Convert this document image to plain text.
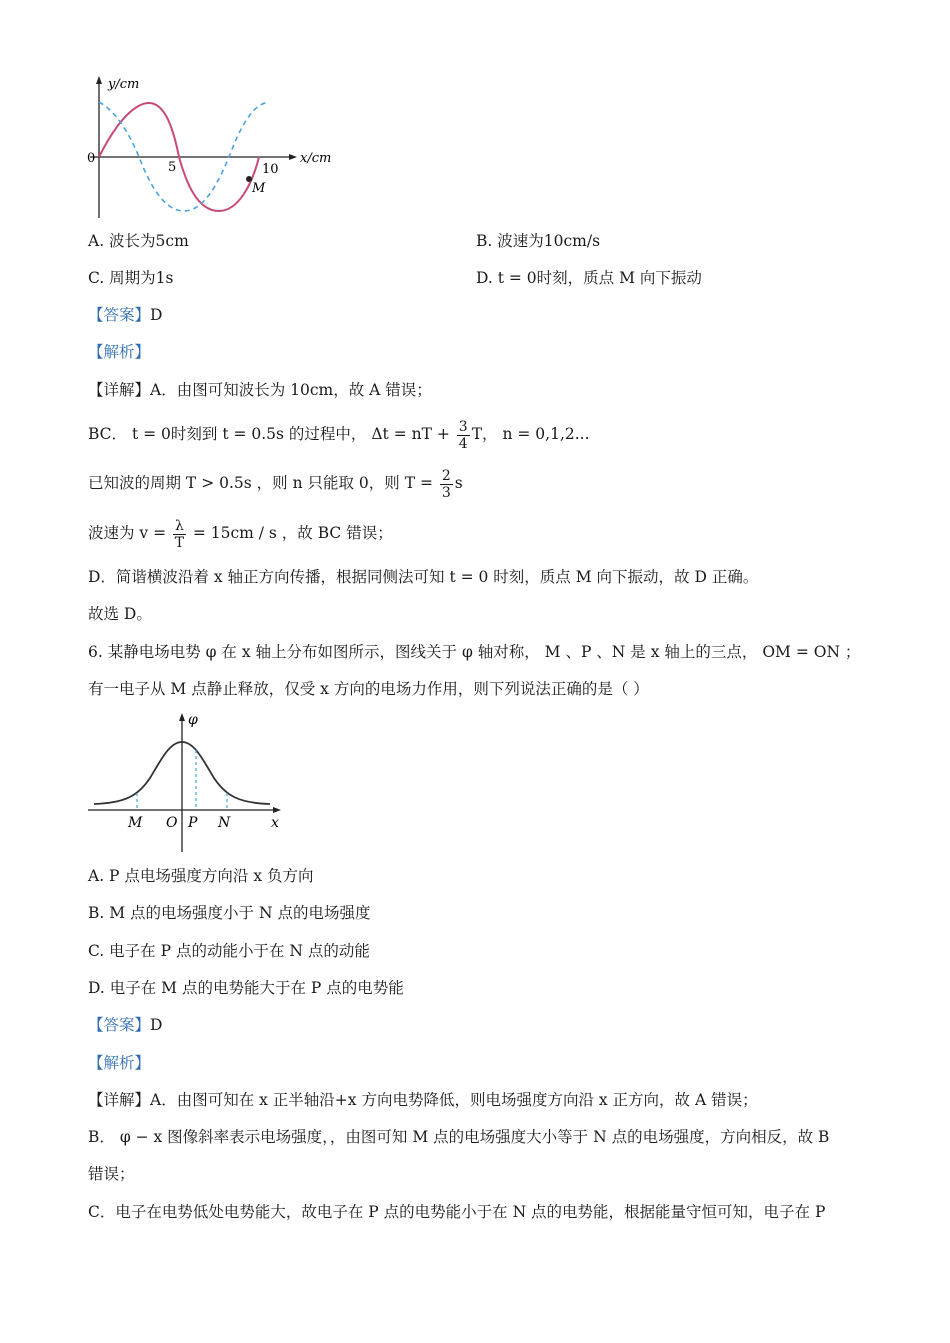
y/cm
x/cm
0
5	10
M
A. 波长为5cm	B. 波速为10cm/s
C. 周期为1s	D. t = 0时刻，质点 M 向下振动
【答案】D
【解析】
【详解】A．由图可知波长为 10cm，故 A 错误；
BC． t = 0时刻到 t = 0.5s 的过程中， Δt = nT + $\frac{3}{4}$ T， n = 0,1,2...
已知波的周期 T > 0.5s ，则 n 只能取 0，则 $T = \frac{2}{3}$ s
波速为 $v = \frac{\lambda}{T} = 15cm / s$ ，故 BC 错误；
D．简谐横波沿着 x 轴正方向传播，根据同侧法可知 t = 0 时刻，质点 M 向下振动，故 D 正确。
故选 D。
6. 某静电场电势 φ 在 x 轴上分布如图所示，图线关于 φ 轴对称， M 、P 、N 是 x 轴上的三点， OM = ON ；
有一电子从 M 点静止释放，仅受 x 方向的电场力作用，则下列说法正确的是（ ）
φ
x
M O P N
A. P 点电场强度方向沿 x 负方向
B. M 点的电场强度小于 N 点的电场强度
C. 电子在 P 点的动能小于在 N 点的动能
D. 电子在 M 点的电势能大于在 P 点的电势能
【答案】D
【解析】
【详解】A．由图可知在 x 正半轴沿+x 方向电势降低，则电场强度方向沿 x 正方向，故 A 错误；
B． φ − x 图像斜率表示电场强度，，由图可知 M 点的电场强度大小等于 N 点的电场强度，方向相反，故 B
错误；
C．电子在电势低处电势能大，故电子在 P 点的电势能小于在 N 点的电势能，根据能量守恒可知，电子在 P
